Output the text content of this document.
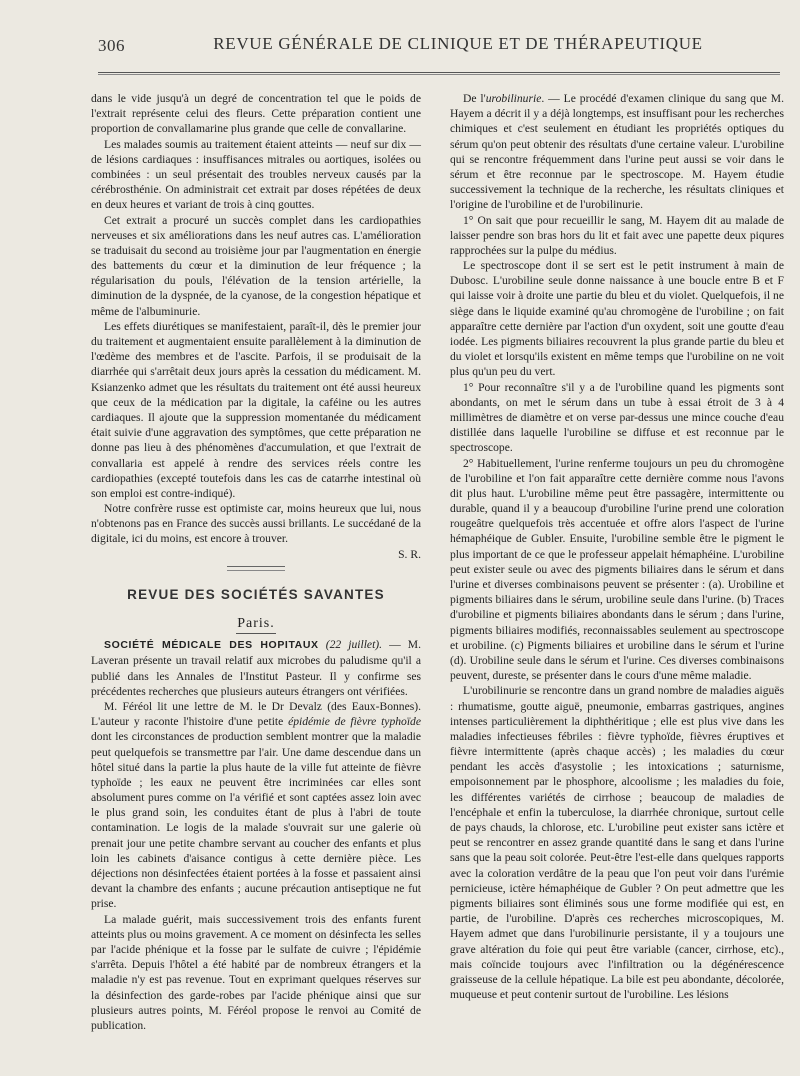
306	REVUE GÉNÉRALE DE CLINIQUE ET DE THÉRAPEUTIQUE

dans le vide jusqu'à un degré de concentration tel que le poids de l'extrait représente celui des fleurs. Cette préparation contient une proportion de convallamarine plus grande que celle de convallarine.

Les malades soumis au traitement étaient atteints — neuf sur dix — de lésions cardiaques : insuffisances mitrales ou aortiques, isolées ou combinées : un seul présentait des troubles nerveux causés par la cérébrosthénie. On administrait cet extrait par doses répétées de deux en deux heures et variant de trois à cinq gouttes.

Cet extrait a procuré un succès complet dans les cardiopathies nerveuses et six améliorations dans les neuf autres cas. L'amélioration se traduisait du second au troisième jour par l'augmentation en énergie des battements du cœur et la diminution de leur fréquence ; la régularisation du pouls, l'élévation de la tension artérielle, la diminution de la dyspnée, de la cyanose, de la congestion hépatique et même de l'albuminurie.

Les effets diurétiques se manifestaient, paraît-il, dès le premier jour du traitement et augmentaient ensuite parallèlement à la diminution de l'œdème des membres et de l'ascite. Parfois, il se produisait de la diarrhée qui s'arrêtait deux jours après la cessation du médicament. M. Ksianzenko admet que les résultats du traitement ont été aussi heureux que ceux de la médication par la digitale, la caféine ou les autres cardiaques. Il ajoute que la suppression momentanée du médicament était suivie d'une aggravation des symptômes, que cette préparation ne donne pas lieu à des phénomènes d'accumulation, et que l'extrait de convallaria est appelé à rendre des services réels contre les cardiopathies (excepté toutefois dans les cas de catarrhe intestinal où son emploi est contre-indiqué).

Notre confrère russe est optimiste car, moins heureux que lui, nous n'obtenons pas en France des succès aussi brillants. Le succédané de la digitale, ici du moins, est encore à trouver.

S. R.

REVUE DES SOCIÉTÉS SAVANTES
Paris.

SOCIÉTÉ MÉDICALE DES HOPITAUX (22 juillet). — M. Laveran présente un travail relatif aux microbes du paludisme qu'il a publié dans les Annales de l'Institut Pasteur. Il y confirme ses précédentes recherches que plusieurs auteurs étrangers ont vérifiées.

M. Féréol lit une lettre de M. le Dr Devalz (des Eaux-Bonnes). L'auteur y raconte l'histoire d'une petite épidémie de fièvre typhoïde dont les circonstances de production semblent montrer que la maladie peut quelquefois se transmettre par l'air. Une dame descendue dans un hôtel situé dans la partie la plus haute de la ville fut atteinte de fièvre typhoïde ; les eaux ne peuvent être incriminées car elles sont absolument pures comme on l'a vérifié et sont captées assez loin avec le plus grand soin, les conduites étant de plus à l'abri de toute contamination. Le logis de la malade s'ouvrait sur une galerie où prenait jour une petite chambre servant au coucher des enfants et plus loin les cabinets d'aisance contigus à cette dernière pièce. Les déjections non désinfectées étaient portées à la fosse et passaient ainsi devant la chambre des enfants ; aucune précaution antiseptique ne fut prise.

La malade guérit, mais successivement trois des enfants furent atteints plus ou moins gravement. A ce moment on désinfecta les selles par l'acide phénique et la fosse par le sulfate de cuivre ; l'épidémie s'arrêta. Depuis l'hôtel a été habité par de nombreux étrangers et la maladie n'y est pas revenue. Tout en exprimant quelques réserves sur la désinfection des garde-robes par l'acide phénique ainsi que sur plusieurs autres points, M. Féréol propose le renvoi au Comité de publication.

De l'urobilinurie. — Le procédé d'examen clinique du sang que M. Hayem a décrit il y a déjà longtemps, est insuffisant pour les recherches chimiques et c'est seulement en étudiant les propriétés optiques du sérum qu'on peut obtenir des résultats d'une certaine valeur. L'urobiline qui se rencontre fréquemment dans l'urine peut aussi se voir dans le sérum et être reconnue par le spectroscope. M. Hayem étudie successivement la technique de la recherche, les résultats cliniques et l'origine de l'urobiline et de l'urobilinurie.

1° On sait que pour recueillir le sang, M. Hayem dit au malade de laisser pendre son bras hors du lit et fait avec une papette deux piqures rapprochées sur la pulpe du médius.

Le spectroscope dont il se sert est le petit instrument à main de Dubosc. L'urobiline seule donne naissance à une boucle entre B et F qui laisse voir à droite une partie du bleu et du violet. Quelquefois, il ne siège dans le liquide examiné qu'au chromogène de l'urobiline ; on fait apparaître cette dernière par l'action d'un oxydent, soit une goutte d'eau iodée. Les pigments biliaires recouvrent la plus grande partie du bleu et du violet et lorsqu'ils existent en même temps que l'urobiline on ne voit plus qu'un peu du vert.

1° Pour reconnaître s'il y a de l'urobiline quand les pigments sont abondants, on met le sérum dans un tube à essai étroit de 3 à 4 millimètres de diamètre et on verse par-dessus une mince couche d'eau distillée dans laquelle l'urobiline se diffuse et est reconnue par le spectroscope.

2° Habituellement, l'urine renferme toujours un peu du chromogène de l'urobiline et l'on fait apparaître cette dernière comme nous l'avons dit plus haut. L'urobiline même peut être passagère, intermittente ou durable, quand il y a beaucoup d'urobiline l'urine prend une coloration rougeâtre quelquefois très accentuée et offre alors l'aspect de l'urine hémaphéique de Gubler. Ensuite, l'urobiline semble être le pigment le plus important de ce que le professeur appelait hémaphéine. L'urobiline peut exister seule ou avec des pigments biliaires dans le sérum et dans l'urine et diverses combinaisons peuvent se présenter : (a). Urobiline et pigments biliaires dans le sérum, urobiline seule dans l'urine. (b) Traces d'urobiline et pigments biliaires abondants dans le sérum ; dans l'urine, pigments biliaires modifiés, reconnaissables seulement au spectroscope et urobiline. (c) Pigments biliaires et urobiline dans le sérum et l'urine (d). Urobiline seule dans le sérum et l'urine. Ces diverses combinaisons peuvent, dureste, se présenter dans le cours d'une même maladie.

L'urobilinurie se rencontre dans un grand nombre de maladies aiguës : rhumatisme, goutte aiguë, pneumonie, embarras gastriques, angines intenses particulièrement la diphthéritique ; elle est plus vive dans les maladies infectieuses fébriles : fièvre typhoïde, fièvres éruptives et fièvre intermittente (après chaque accès) ; les maladies du cœur pendant les accès d'asystolie ; les intoxications ; saturnisme, empoisonnement par le phosphore, alcoolisme ; les maladies du foie, les différentes variétés de cirrhose ; beaucoup de maladies de l'encéphale et enfin la tuberculose, la diarrhée chronique, surtout celle de pays chauds, la chlorose, etc. L'urobiline peut exister sans ictère et peut se rencontrer en assez grande quantité dans le sang et dans l'urine sans que la peau soit colorée. Peut-être l'est-elle dans quelques rapports avec la coloration verdâtre de la peau que l'on peut voir dans l'urémie pernicieuse, ictère hémaphéique de Gubler ? On peut admettre que les pigments biliaires sont éliminés sous une forme modifiée qui est, en partie, de l'urobiline. D'après ces recherches microscopiques, M. Hayem admet que dans l'urobilinurie persistante, il y a toujours une grave altération du foie qui peut être variable (cancer, cirrhose, etc)., mais coïncide toujours avec l'infiltration ou la dégénérescence graisseuse de la cellule hépatique. La bile est peu abondante, décolorée, muqueuse et peut contenir surtout de l'urobiline. Les lésions
